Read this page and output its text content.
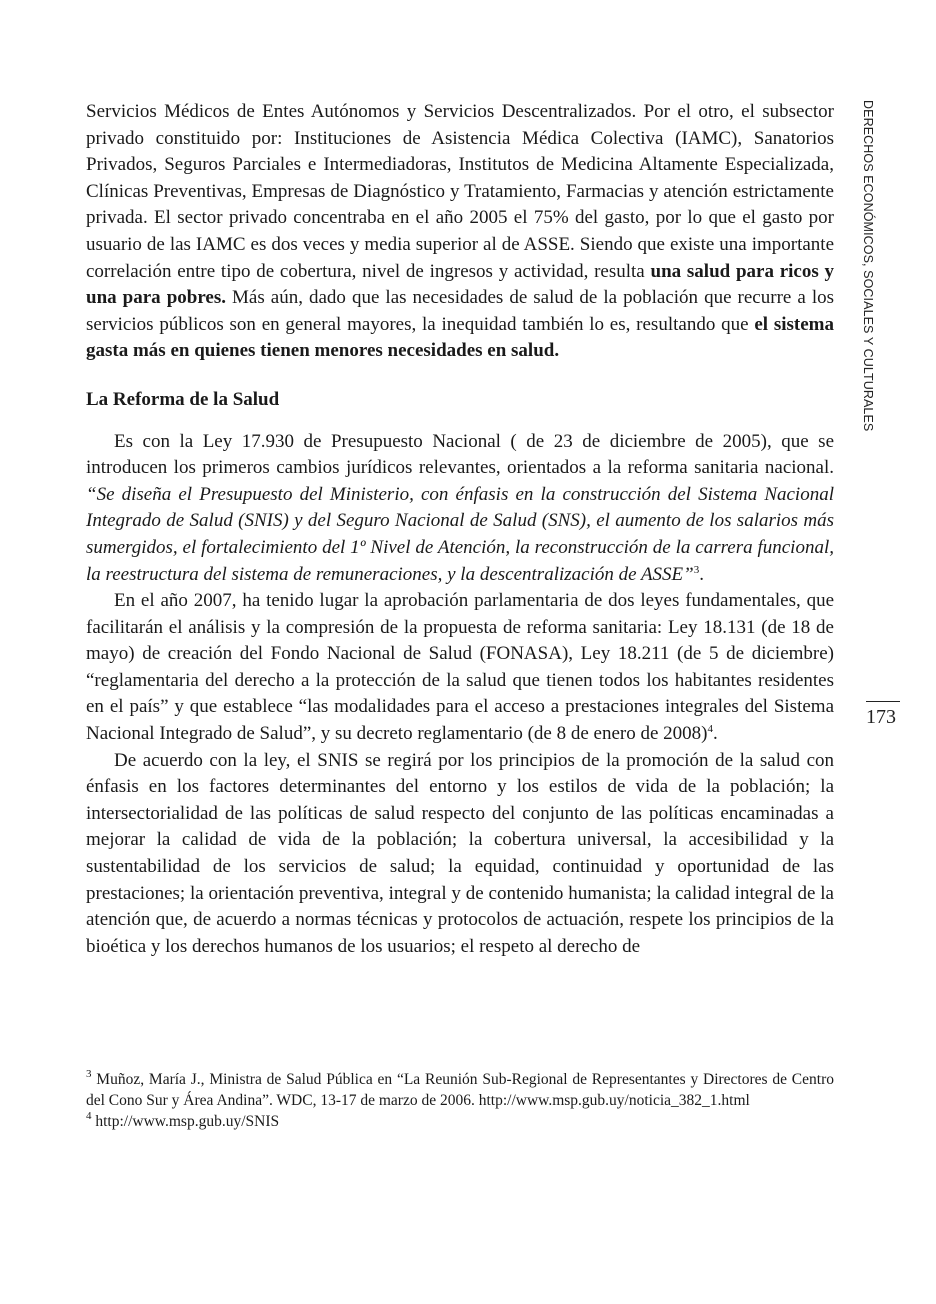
Servicios Médicos de Entes Autónomos y Servicios Descentralizados. Por el otro, el subsector privado constituido por: Instituciones de Asistencia Médica Colectiva (IAMC), Sanatorios Privados, Seguros Parciales e Intermediadoras, Institutos de Medicina Altamente Especializada, Clínicas Preventivas, Empresas de Diagnóstico y Tratamiento, Farmacias y atención estrictamente privada. El sector privado concentraba en el año 2005 el 75% del gasto, por lo que el gasto por usuario de las IAMC es dos veces y media superior al de ASSE. Siendo que existe una importante correlación entre tipo de cobertura, nivel de ingresos y actividad, resulta una salud para ricos y una para pobres. Más aún, dado que las necesidades de salud de la población que recurre a los servicios públicos son en general mayores, la inequidad también lo es, resultando que el sistema gasta más en quienes tienen menores necesidades en salud.

La Reforma de la Salud

Es con la Ley 17.930 de Presupuesto Nacional ( de 23 de diciembre de 2005), que se introducen los primeros cambios jurídicos relevantes, orientados a la reforma sanitaria nacional. “Se diseña el Presupuesto del Ministerio, con énfasis en la construcción del Sistema Nacional Integrado de Salud (SNIS) y del Seguro Nacional de Salud (SNS), el aumento de los salarios más sumergidos, el fortalecimiento del 1º Nivel de Atención, la reconstrucción de la carrera funcional, la reestructura del sistema de remuneraciones, y la descentralización de ASSE”$^3$.

En el año 2007, ha tenido lugar la aprobación parlamentaria de dos leyes fundamentales, que facilitarán el análisis y la compresión de la propuesta de reforma sanitaria: Ley 18.131 (de 18 de mayo) de creación del Fondo Nacional de Salud (FONASA), Ley 18.211 (de 5 de diciembre) “reglamentaria del derecho a la protección de la salud que tienen todos los habitantes residentes en el país” y que establece “las modalidades para el acceso a prestaciones integrales del Sistema Nacional Integrado de Salud”, y su decreto reglamentario (de 8 de enero de 2008)$^4$.

De acuerdo con la ley, el SNIS se regirá por los principios de la promoción de la salud con énfasis en los factores determinantes del entorno y los estilos de vida de la población; la intersectorialidad de las políticas de salud respecto del conjunto de las políticas encaminadas a mejorar la calidad de vida de la población; la cobertura universal, la accesibilidad y la sustentabilidad de los servicios de salud; la equidad, continuidad y oportunidad de las prestaciones; la orientación preventiva, integral y de contenido humanista; la calidad integral de la atención que, de acuerdo a normas técnicas y protocolos de actuación, respete los principios de la bioética y los derechos humanos de los usuarios; el respeto al derecho de

DERECHOS ECONÓMICOS, SOCIALES Y CULTURALES
173

$^3$ Muñoz, María J., Ministra de Salud Pública en “La Reunión Sub-Regional de Representantes y Directores de Centro del Cono Sur y Área Andina”. WDC, 13-17 de marzo de 2006. http://www.msp.gub.uy/noticia_382_1.html

$^4$ http://www.msp.gub.uy/SNIS
